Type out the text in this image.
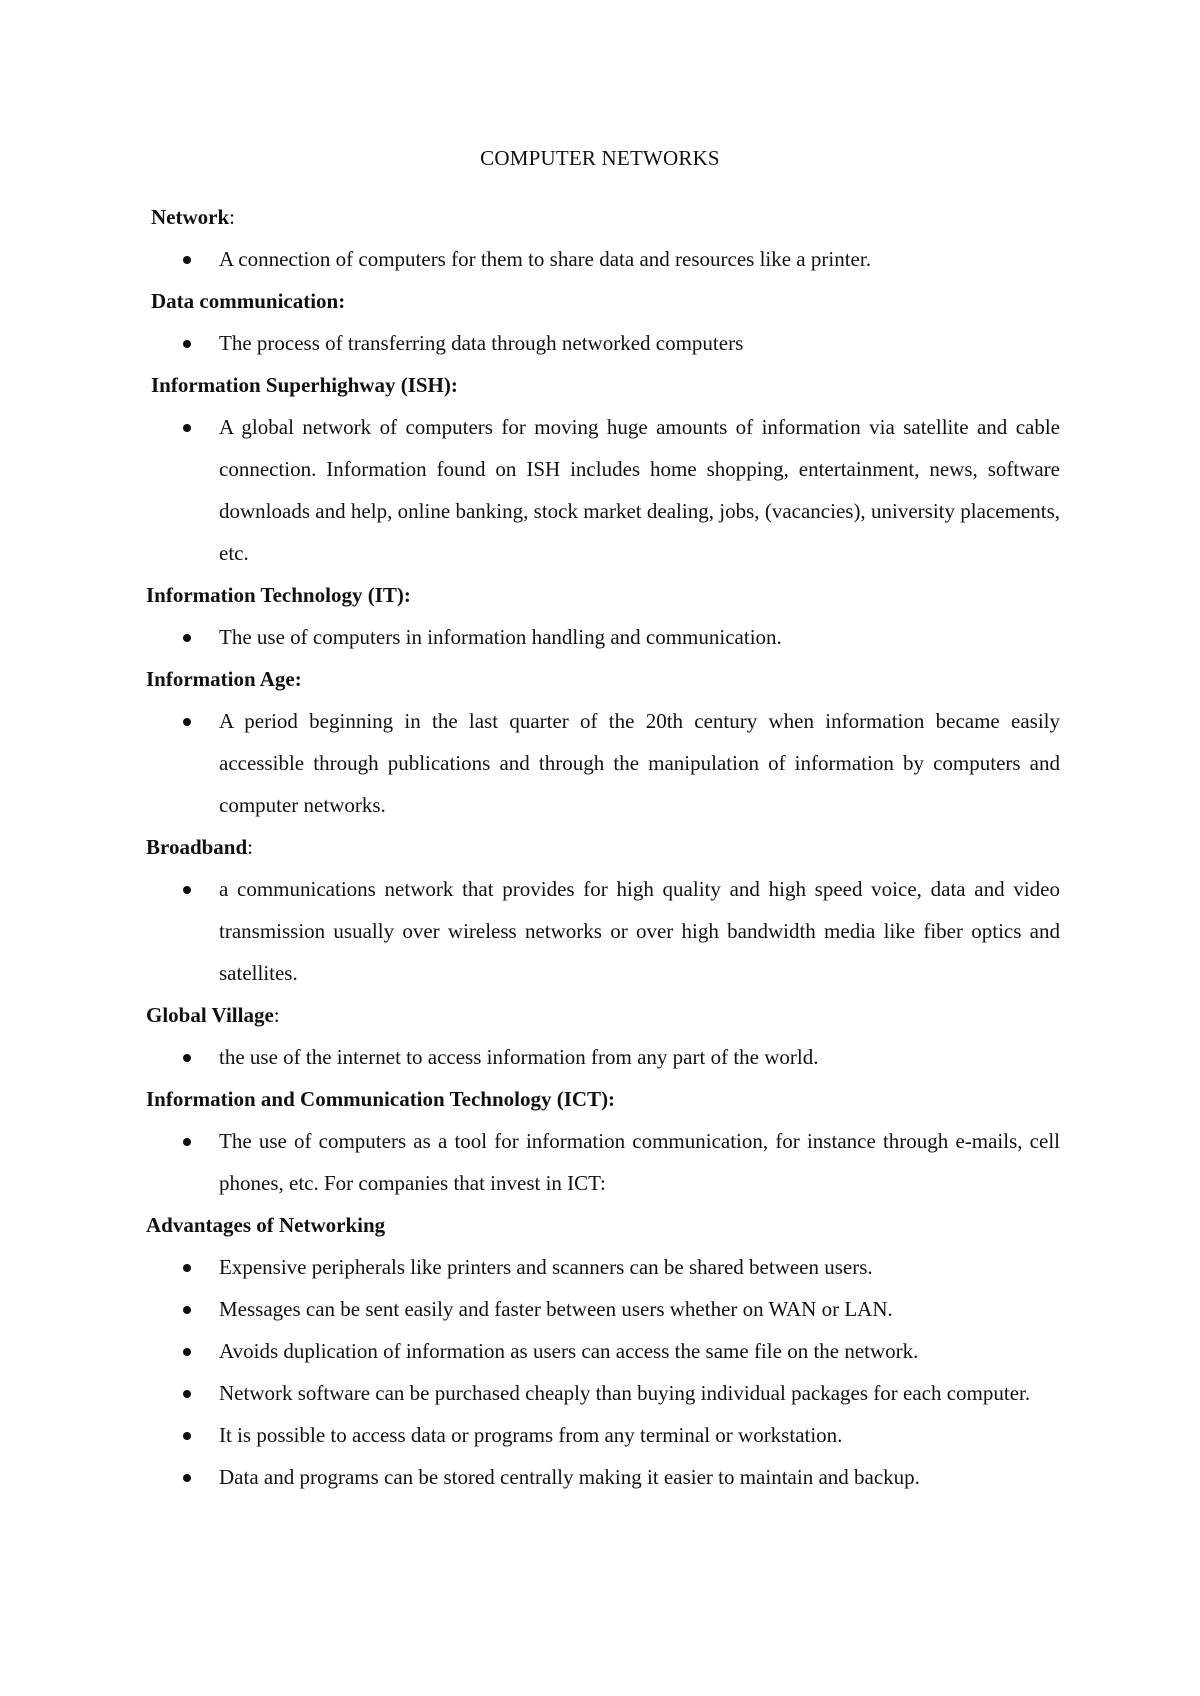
COMPUTER NETWORKS
Network:
A connection of computers for them to share data and resources like a printer.
Data communication:
The process of transferring data through networked computers
Information Superhighway (ISH):
A global network of computers for moving huge amounts of information via satellite and cable connection. Information found on ISH includes home shopping, entertainment, news, software downloads and help, online banking, stock market dealing, jobs, (vacancies), university placements, etc.
Information Technology (IT):
The use of computers in information handling and communication.
Information Age:
A period beginning in the last quarter of the 20th century when information became easily accessible through publications and through the manipulation of information by computers and computer networks.
Broadband:
a communications network that provides for high quality and high speed voice, data and video transmission usually over wireless networks or over high bandwidth media like fiber optics and satellites.
Global Village:
the use of the internet to access information from any part of the world.
Information and Communication Technology (ICT):
The use of computers as a tool for information communication, for instance through e-mails, cell phones, etc. For companies that invest in ICT:
Advantages of Networking
Expensive peripherals like printers and scanners can be shared between users.
Messages can be sent easily and faster between users whether on WAN or LAN.
Avoids duplication of information as users can access the same file on the network.
Network software can be purchased cheaply than buying individual packages for each computer.
It is possible to access data or programs from any terminal or workstation.
Data and programs can be stored centrally making it easier to maintain and backup.
